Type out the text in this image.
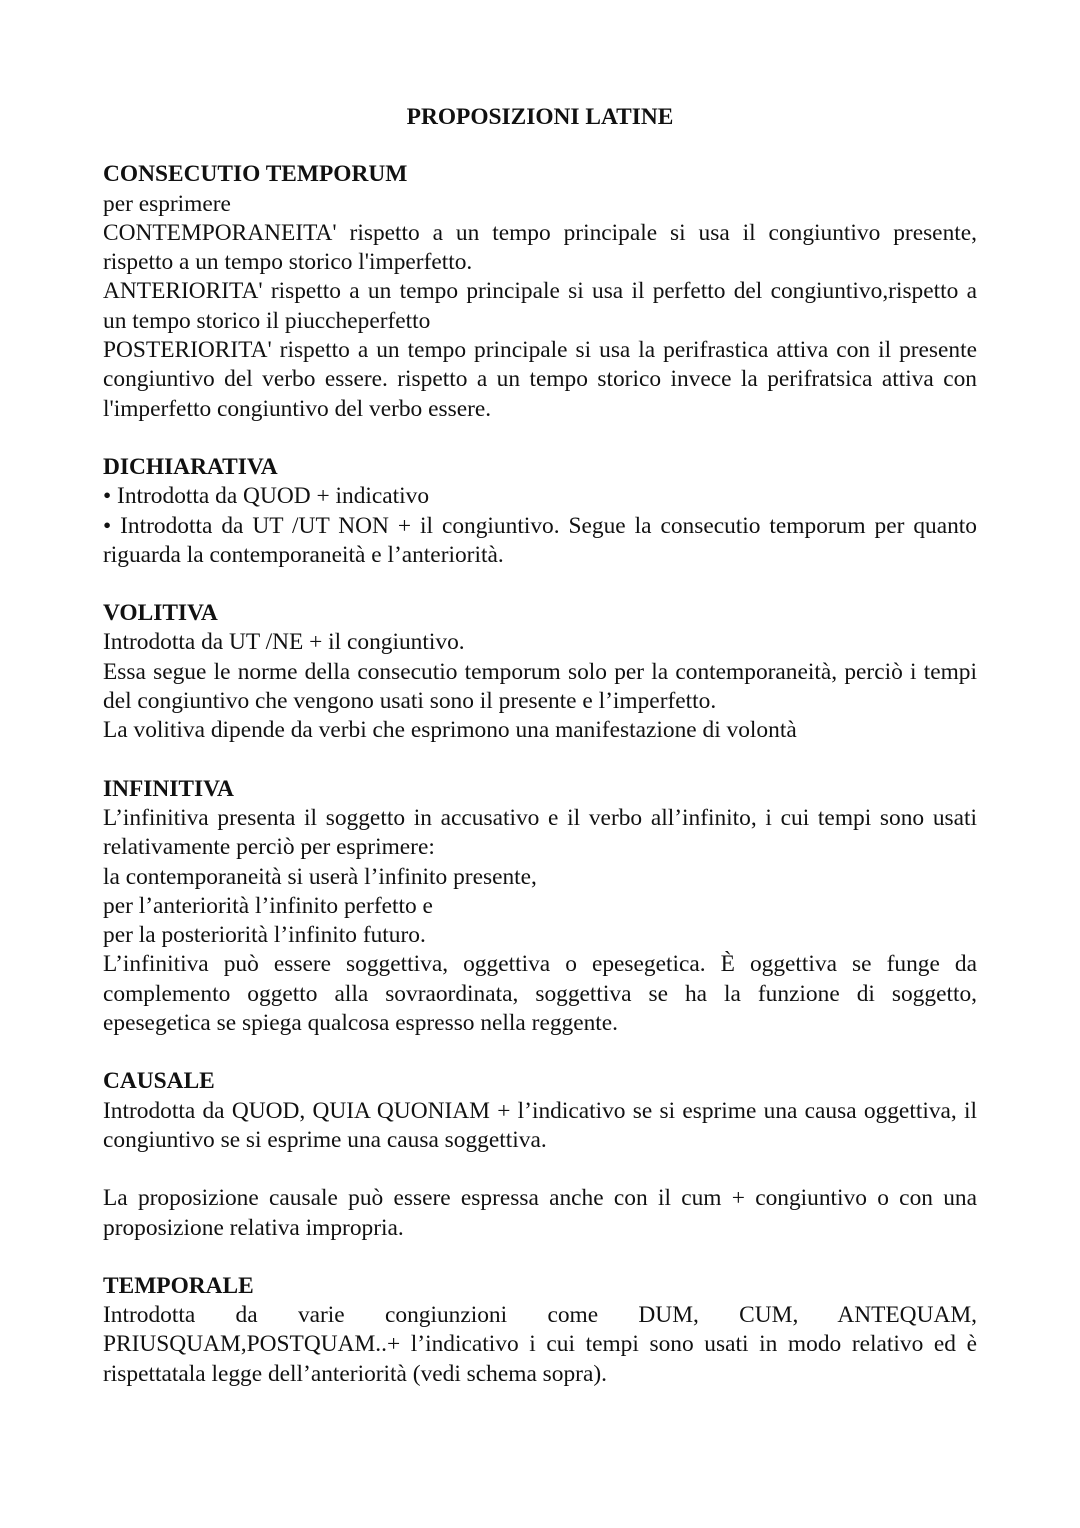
PROPOSIZIONI LATINE
CONSECUTIO TEMPORUM
per esprimere
CONTEMPORANEITA' rispetto a un tempo principale si usa il congiuntivo presente, rispetto a un tempo storico l'imperfetto.
ANTERIORITA' rispetto a un tempo principale si usa il perfetto del congiuntivo,rispetto a un tempo storico il piuccheperfetto
POSTERIORITA' rispetto a un tempo principale si usa la perifrastica attiva con il presente congiuntivo del verbo essere. rispetto a un tempo storico invece la perifratsica attiva con l'imperfetto congiuntivo del verbo essere.
DICHIARATIVA
• Introdotta da QUOD + indicativo
• Introdotta da UT /UT NON + il congiuntivo. Segue la consecutio temporum per quanto riguarda la contemporaneità e l’anteriorità.
VOLITIVA
Introdotta da UT /NE + il congiuntivo.
Essa segue le norme della consecutio temporum solo per la contemporaneità, perciò i tempi del congiuntivo che vengono usati sono il presente e l’imperfetto.
La volitiva dipende da verbi che esprimono una manifestazione di volontà
INFINITIVA
L’infinitiva presenta il soggetto in accusativo e il verbo all’infinito, i cui tempi sono usati relativamente perciò per esprimere:
la contemporaneità si userà l’infinito presente,
per l’anteriorità l’infinito perfetto e
per la posteriorità l’infinito futuro.
L’infinitiva può essere soggettiva, oggettiva o epesegetica. È oggettiva se funge da complemento oggetto alla sovraordinata, soggettiva se ha la funzione di soggetto, epesegetica se spiega qualcosa espresso nella reggente.
CAUSALE
Introdotta da QUOD, QUIA QUONIAM + l’indicativo se si esprime una causa oggettiva, il congiuntivo se si esprime una causa soggettiva.
La proposizione causale può essere espressa anche con il cum + congiuntivo o con una proposizione relativa impropria.
TEMPORALE
Introdotta da varie congiunzioni come DUM, CUM, ANTEQUAM, PRIUSQUAM,POSTQUAM..+ l’indicativo i cui tempi sono usati in modo relativo ed è rispettatala legge dell’anteriorità (vedi schema sopra).
